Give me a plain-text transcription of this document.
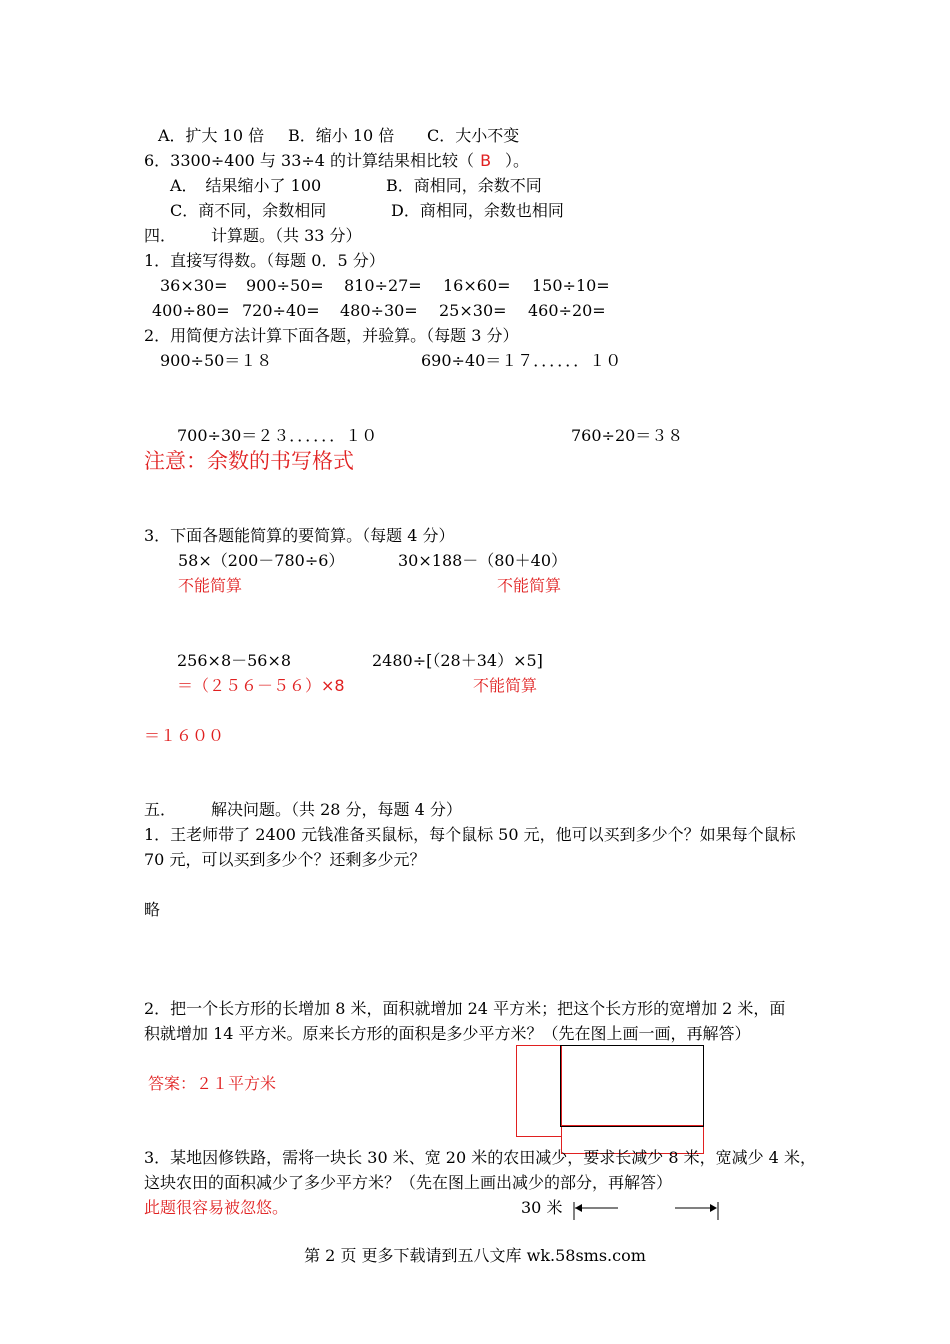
A．扩大 10 倍 B．缩小 10 倍 C．大小不变
6．3300÷400 与 33÷4 的计算结果相比较（ B ）。
A．　结果缩小了 100	B．商相同，余数不同
C．商不同，余数相同	D．商相同，余数也相同
四． 计算题。（共 33 分）
1．直接写得数。（每题 0．5 分）
36×30= 900÷50= 810÷27= 16×60= 150÷10=
400÷80= 720÷40= 480÷30= 25×30= 460÷20=
2．用简便方法计算下面各题，并验算。（每题 3 分）
900÷50＝１８	690÷40＝１７．．．．．．１０
700÷30＝２３．．．．．．１０	760÷20＝３８
注意：余数的书写格式
3．下面各题能简算的要简算。（每题 4 分）
58×（200－780÷6）	30×188－（80＋40）
不能简算	不能简算
256×8－56×8	2480÷[（28＋34）×5]
＝（２５６－５６）×8	不能简算
＝１６００
五． 解决问题。（共 28 分，每题 4 分）
1．王老师带了 2400 元钱准备买鼠标，每个鼠标 50 元，他可以买到多少个？如果每个鼠标
70 元，可以买到多少个？还剩多少元？
略
2．把一个长方形的长增加 8 米，面积就增加 24 平方米；把这个长方形的宽增加 2 米，面
积就增加 14 平方米。原来长方形的面积是多少平方米？（先在图上画一画，再解答）
答案：２１平方米
3．某地因修铁路，需将一块长 30 米、宽 20 米的农田减少，要求长减少 8 米，宽减少 4 米，
这块农田的面积减少了多少平方米？（先在图上画出减少的部分，再解答）
此题很容易被忽悠。	30 米
第 2 页 更多下载请到五八文库 wk.58sms.com
